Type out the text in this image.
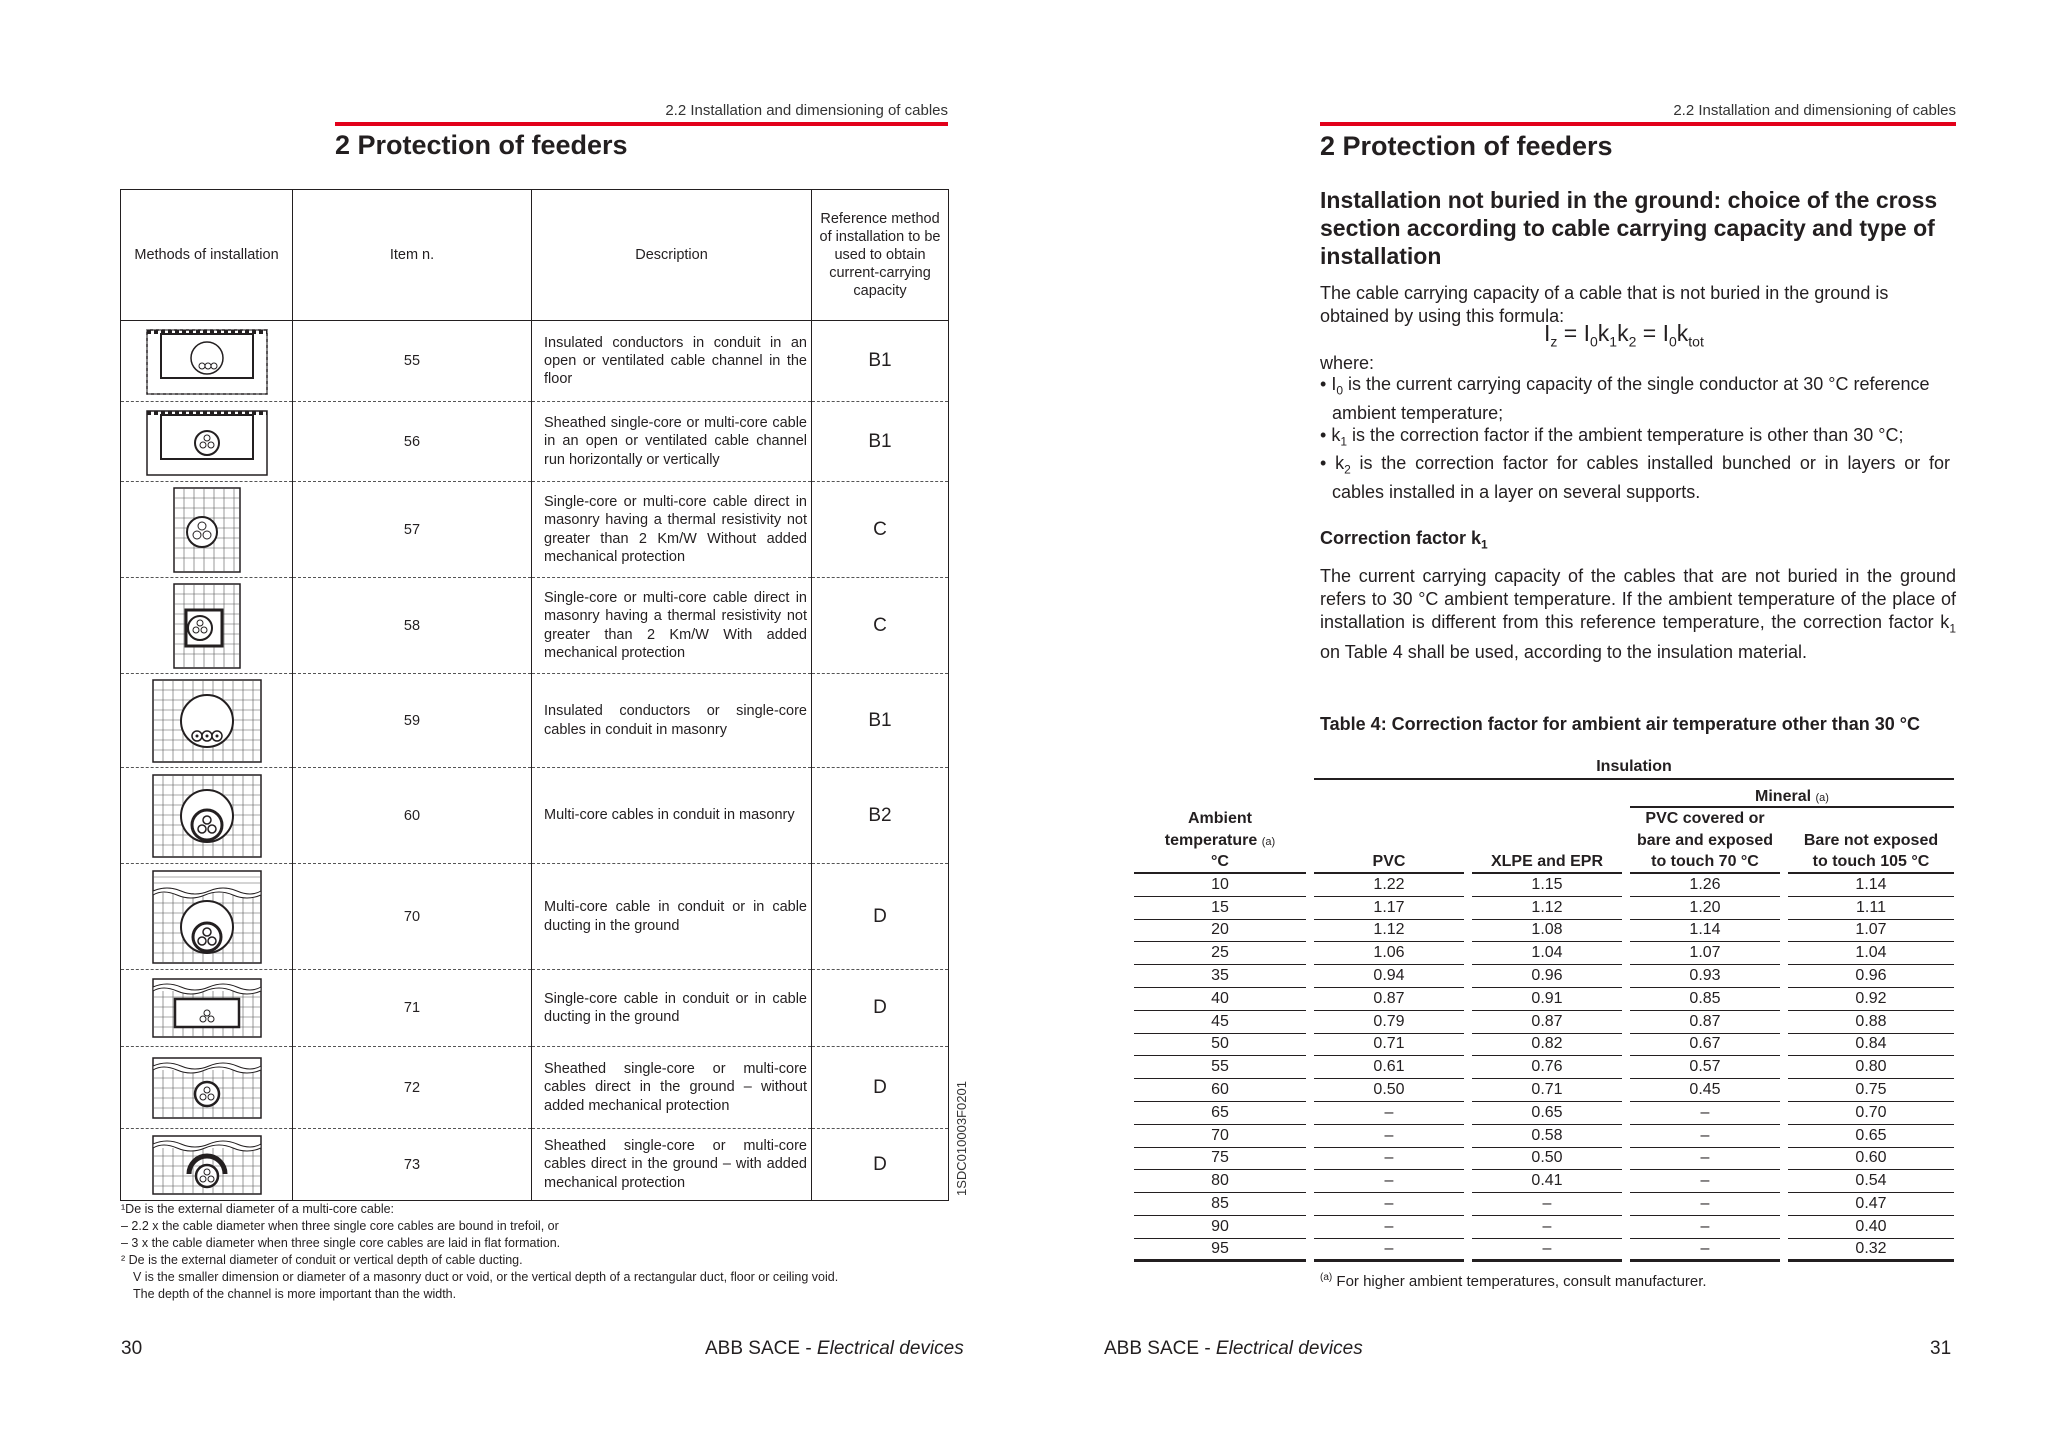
2.2 Installation and dimensioning of cables
2 Protection of feeders
Methods of installation	Item n.	Description	Reference method of installation to be used to obtain current-carrying capacity

	55	Insulated conductors in conduit in an open or ventilated cable channel in the floor	B1

	56	Sheathed single-core or multi-core cable in an open or ventilated cable channel run horizontally or vertically	B1

	57	Single-core or multi-core cable direct in masonry having a thermal resistivity not greater than 2 Km/W Without added mechanical protection	C

	58	Single-core or multi-core cable direct in masonry having a thermal resistivity not greater than 2 Km/W With added mechanical protection	C

	59	Insulated conductors or single-core cables in conduit in masonry	B1

	60	Multi-core cables in conduit in masonry	B2

	70	Multi-core cable in conduit or in cable ducting in the ground	D

	71	Single-core cable in conduit or in cable ducting in the ground	D

	72	Sheathed single-core or multi-core cables direct in the ground – without added mechanical protection	D

	73	Sheathed single-core or multi-core cables direct in the ground – with added mechanical protection	D	1SDC010003F0201
¹De is the external diameter of a multi-core cable:
– 2.2 x the cable diameter when three single core cables are bound in trefoil, or
– 3 x the cable diameter when three single core cables are laid in flat formation.
² De is the external diameter of conduit or vertical depth of cable ducting.
V is the smaller dimension or diameter of a masonry duct or void, or the vertical depth of a rectangular duct, floor or ceiling void.
The depth of the channel is more important than the width.
30	ABB SACE - Electrical devices
2.2 Installation and dimensioning of cables
2 Protection of feeders
Installation not buried in the ground: choice of the cross section according to cable carrying capacity and type of installation
The cable carrying capacity of a cable that is not buried in the ground is obtained by using this formula:
$I_z = I_0k_1k_2 = I_0k_{tot}$
where:
• $I_0$ is the current carrying capacity of the single conductor at 30 °C reference ambient temperature;
• $k_1$ is the correction factor if the ambient temperature is other than 30 °C;
• $k_2$ is the correction factor for cables installed bunched or in layers or for cables installed in a layer on several supports.
Correction factor $k_1$
The current carrying capacity of the cables that are not buried in the ground refers to 30 °C ambient temperature. If the ambient temperature of the place of installation is different from this reference temperature, the correction factor $k_1$ on Table 4 shall be used, according to the insulation material.
Table 4: Correction factor for ambient air temperature other than 30 °C
		Insulation						
						Mineral (a)		
Ambient						PVC covered or		
temperature (a)						bare and exposed		Bare not exposed
°C		PVC		XLPE and EPR		to touch 70 °C		to touch 105 °C
10		1.22		1.15		1.26		1.14
15		1.17		1.12		1.20		1.11
20		1.12		1.08		1.14		1.07
25		1.06		1.04		1.07		1.04
35		0.94		0.96		0.93		0.96
40		0.87		0.91		0.85		0.92
45		0.79		0.87		0.87		0.88
50		0.71		0.82		0.67		0.84
55		0.61		0.76		0.57		0.80
60		0.50		0.71		0.45		0.75
65		–		0.65		–		0.70
70		–		0.58		–		0.65
75		–		0.50		–		0.60
80		–		0.41		–		0.54
85		–		–		–		0.47
90		–		–		–		0.40
95		–		–		–		0.32
$^{(a)}$ For higher ambient temperatures, consult manufacturer.
ABB SACE - Electrical devices	31
